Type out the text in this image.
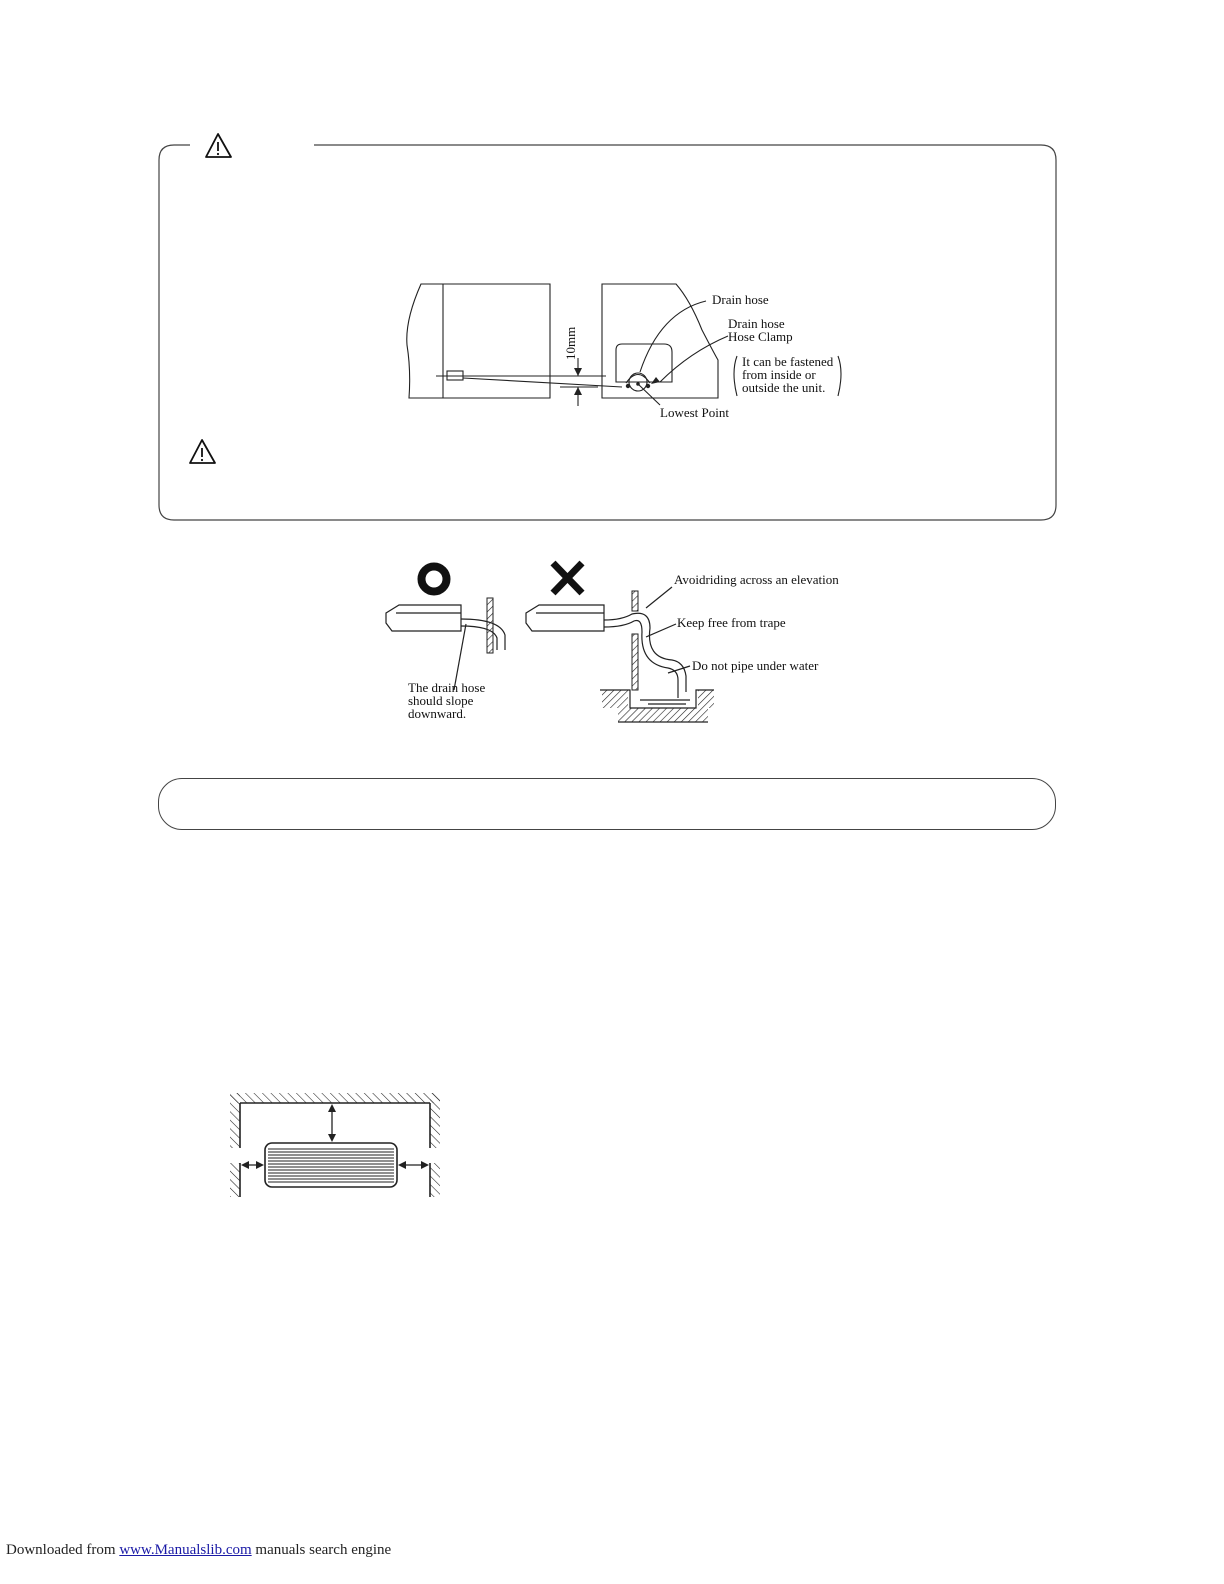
10mm
Drain hose
Drain hose
Hose Clamp
It can be fastened
from inside or
outside the unit.
Lowest Point
The drain hose
should slope
downward.
Avoidriding across an elevation
Keep free from trape
Do not pipe under water
Downloaded from www.Manualslib.com manuals search engine
